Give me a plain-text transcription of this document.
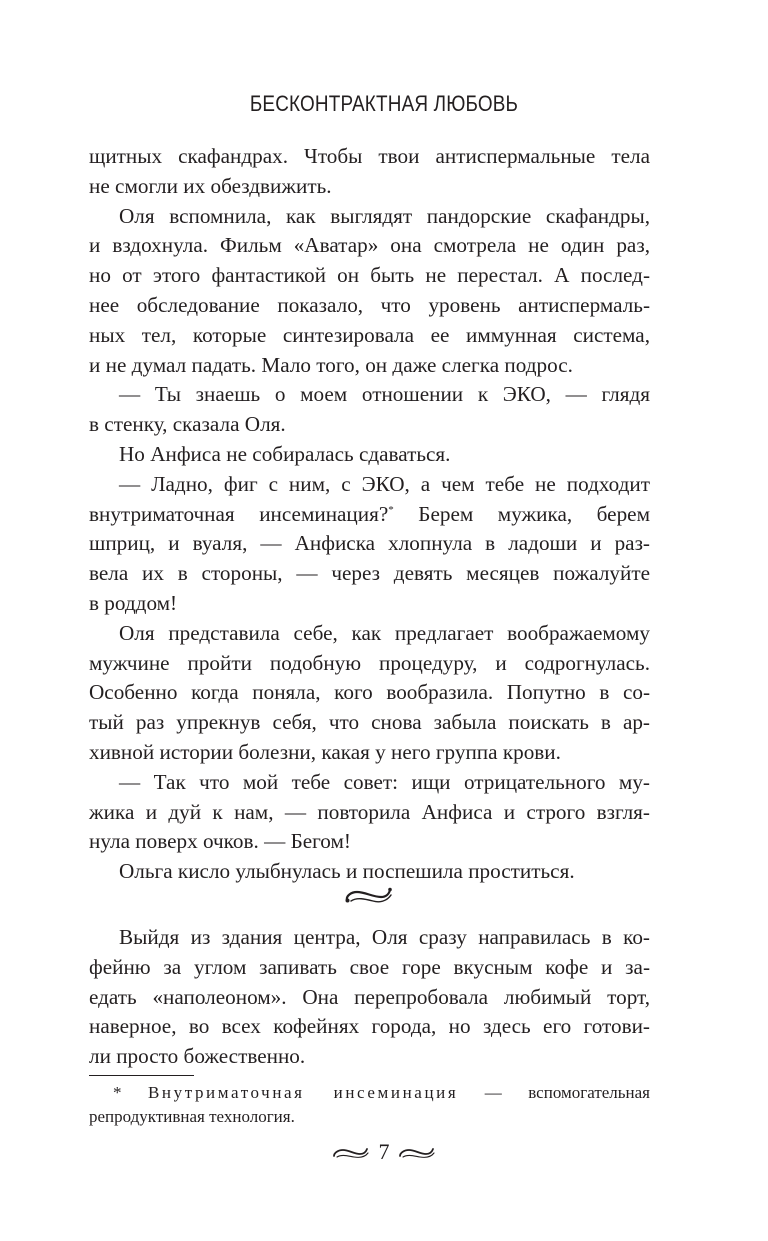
БЕСКОНТРАКТНАЯ ЛЮБОВЬ
щитных скафандрах. Чтобы твои антиспермальные тела
не смогли их обездвижить.
Оля вспомнила, как выглядят пандорские скафандры,
и вздохнула. Фильм «Аватар» она смотрела не один раз,
но от этого фантастикой он быть не перестал. А послед-
нее обследование показало, что уровень антиспермаль-
ных тел, которые синтезировала ее иммунная система,
и не думал падать. Мало того, он даже слегка подрос.
— Ты знаешь о моем отношении к ЭКО, — глядя
в стенку, сказала Оля.
Но Анфиса не собиралась сдаваться.
— Ладно, фиг с ним, с ЭКО, а чем тебе не подходит
внутриматочная инсеминация?* Берем мужика, берем
шприц, и вуаля, — Анфиска хлопнула в ладоши и раз-
вела их в стороны, — через девять месяцев пожалуйте
в роддом!
Оля представила себе, как предлагает воображаемому
мужчине пройти подобную процедуру, и содрогнулась.
Особенно когда поняла, кого вообразила. Попутно в со-
тый раз упрекнув себя, что снова забыла поискать в ар-
хивной истории болезни, какая у него группа крови.
— Так что мой тебе совет: ищи отрицательного му-
жика и дуй к нам, — повторила Анфиса и строго взгля-
нула поверх очков. — Бегом!
Ольга кисло улыбнулась и поспешила проститься.
Выйдя из здания центра, Оля сразу направилась в ко-
фейню за углом запивать свое горе вкусным кофе и за-
едать «наполеоном». Она перепробовала любимый торт,
наверное, во всех кофейнях города, но здесь его готови-
ли просто божественно.
* Внутриматочная инсеминация — вспомогательная
репродуктивная технология.
7
